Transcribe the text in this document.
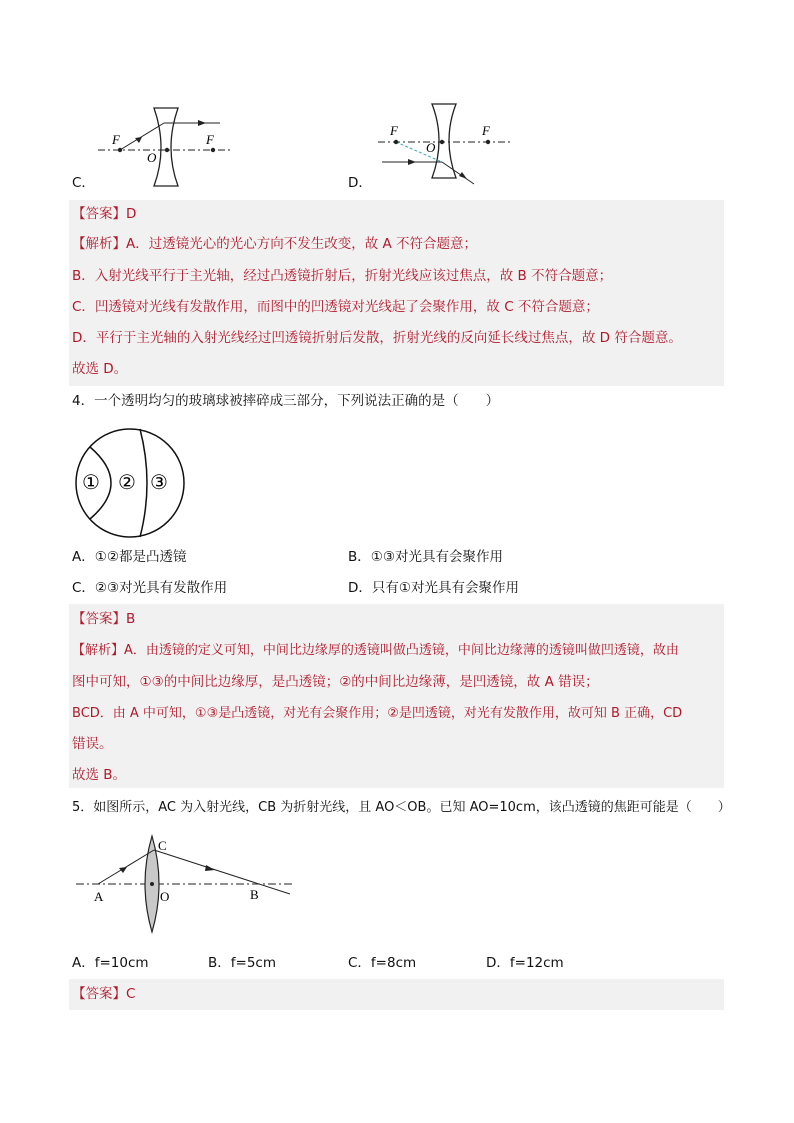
F
O
F
F
O
F
C．	D．
【答案】D
【解析】A．过透镜光心的光心方向不发生改变，故 A 不符合题意；
B．入射光线平行于主光轴，经过凸透镜折射后，折射光线应该过焦点，故 B 不符合题意；
C．凹透镜对光线有发散作用，而图中的凹透镜对光线起了会聚作用，故 C 不符合题意；
D．平行于主光轴的入射光线经过凹透镜折射后发散，折射光线的反向延长线过焦点，故 D 符合题意。
故选 D。
4．一个透明均匀的玻璃球被摔碎成三部分，下列说法正确的是（　　）
① ② ③
A．①②都是凸透镜	B．①③对光具有会聚作用
C．②③对光具有发散作用	D．只有①对光具有会聚作用
【答案】B
【解析】A．由透镜的定义可知，中间比边缘厚的透镜叫做凸透镜，中间比边缘薄的透镜叫做凹透镜，故由
图中可知，①③的中间比边缘厚，是凸透镜；②的中间比边缘薄，是凹透镜，故 A 错误；
BCD．由 A 中可知，①③是凸透镜，对光有会聚作用；②是凹透镜，对光有发散作用，故可知 B 正确，CD
错误。
故选 B。
5．如图所示，AC 为入射光线，CB 为折射光线，且 AO＜OB。已知 AO=10cm，该凸透镜的焦距可能是（　　）
A
C
O	B
A．f=10cm	B．f=5cm	C．f=8cm	D．f=12cm
【答案】C
